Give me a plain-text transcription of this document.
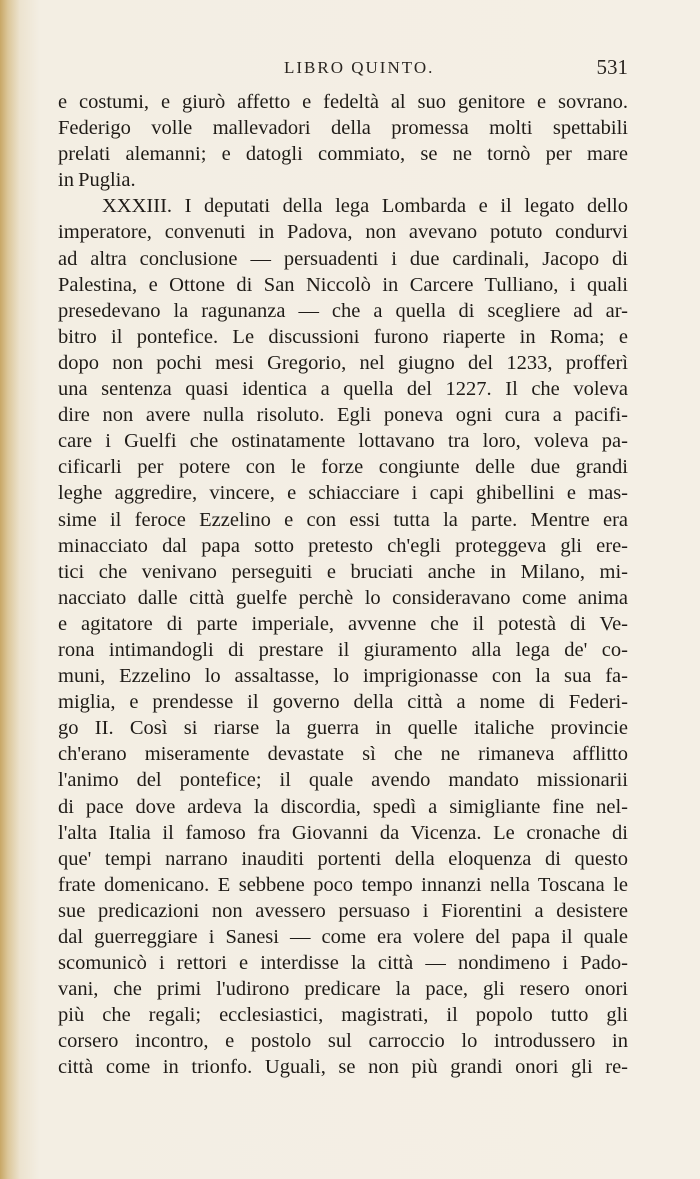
LIBRO QUINTO.	531
e costumi, e giurò affetto e fedeltà al suo genitore e sovrano.
Federigo volle mallevadori della promessa molti spettabili
prelati alemanni; e datogli commiato, se ne tornò per mare
in Puglia.
XXXIII. I deputati della lega Lombarda e il legato dello
imperatore, convenuti in Padova, non avevano potuto condurvi
ad altra conclusione — persuadenti i due cardinali, Jacopo di
Palestina, e Ottone di San Niccolò in Carcere Tulliano, i quali
presedevano la ragunanza — che a quella di scegliere ad ar-
bitro il pontefice. Le discussioni furono riaperte in Roma; e
dopo non pochi mesi Gregorio, nel giugno del 1233, profferì
una sentenza quasi identica a quella del 1227. Il che voleva
dire non avere nulla risoluto. Egli poneva ogni cura a pacifi-
care i Guelfi che ostinatamente lottavano tra loro, voleva pa-
cificarli per potere con le forze congiunte delle due grandi
leghe aggredire, vincere, e schiacciare i capi ghibellini e mas-
sime il feroce Ezzelino e con essi tutta la parte. Mentre era
minacciato dal papa sotto pretesto ch'egli proteggeva gli ere-
tici che venivano perseguiti e bruciati anche in Milano, mi-
nacciato dalle città guelfe perchè lo consideravano come anima
e agitatore di parte imperiale, avvenne che il potestà di Ve-
rona intimandogli di prestare il giuramento alla lega de' co-
muni, Ezzelino lo assaltasse, lo imprigionasse con la sua fa-
miglia, e prendesse il governo della città a nome di Federi-
go II. Così si riarse la guerra in quelle italiche provincie
ch'erano miseramente devastate sì che ne rimaneva afflitto
l'animo del pontefice; il quale avendo mandato missionarii
di pace dove ardeva la discordia, spedì a simigliante fine nel-
l'alta Italia il famoso fra Giovanni da Vicenza. Le cronache di
que' tempi narrano inauditi portenti della eloquenza di questo
frate domenicano. E sebbene poco tempo innanzi nella Toscana le
sue predicazioni non avessero persuaso i Fiorentini a desistere
dal guerreggiare i Sanesi — come era volere del papa il quale
scomunicò i rettori e interdisse la città — nondimeno i Pado-
vani, che primi l'udirono predicare la pace, gli resero onori
più che regali; ecclesiastici, magistrati, il popolo tutto gli
corsero incontro, e postolo sul carroccio lo introdussero in
città come in trionfo. Uguali, se non più grandi onori gli re-
